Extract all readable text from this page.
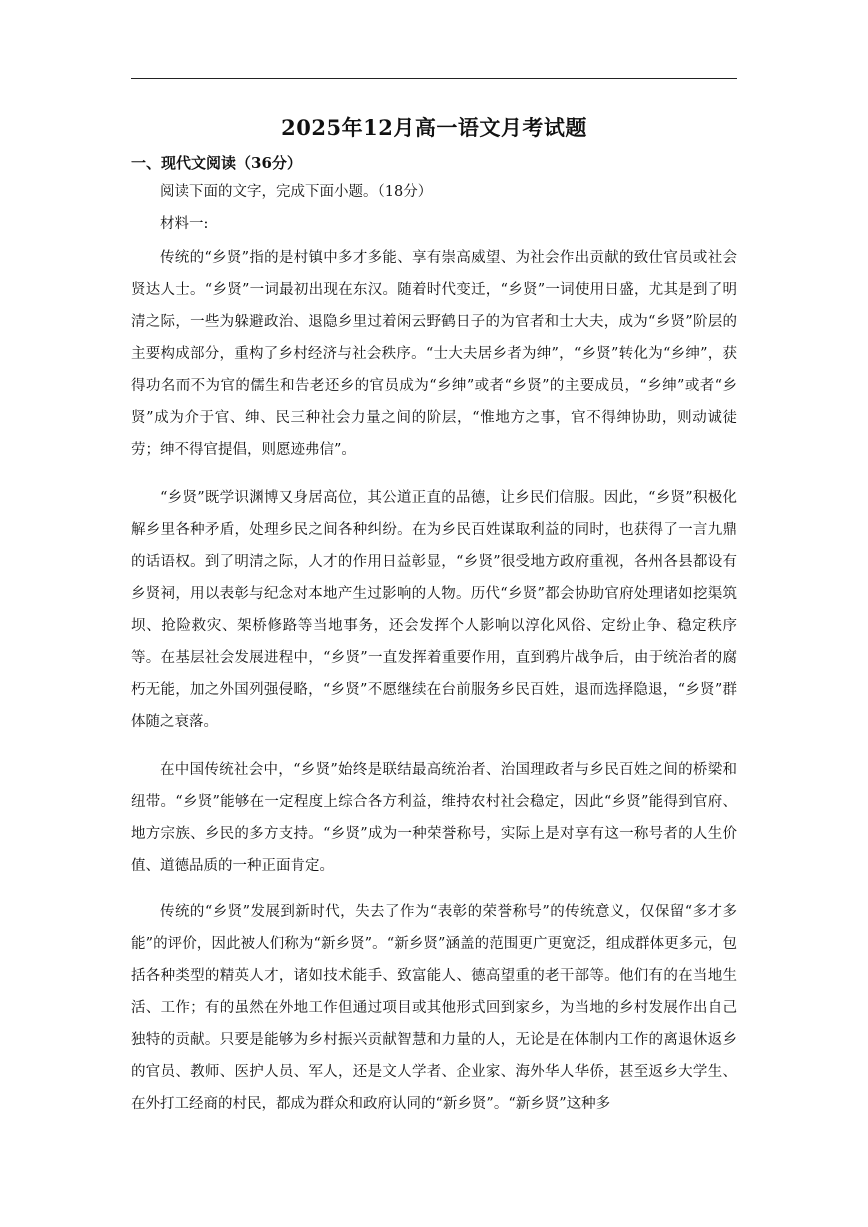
2025年12月高一语文月考试题
一、现代文阅读（36分）

阅读下面的文字，完成下面小题。（18分）

材料一:

传统的“乡贤”指的是村镇中多才多能、享有崇高威望、为社会作出贡献的致仕官员或社会贤达人士。“乡贤”一词最初出现在东汉。随着时代变迁，“乡贤”一词使用日盛，尤其是到了明清之际，一些为躲避政治、退隐乡里过着闲云野鹤日子的为官者和士大夫，成为“乡贤”阶层的主要构成部分，重构了乡村经济与社会秩序。“士大夫居乡者为绅”，“乡贤”转化为“乡绅”，获得功名而不为官的儒生和告老还乡的官员成为“乡绅”或者“乡贤”的主要成员，“乡绅”或者“乡贤”成为介于官、绅、民三种社会力量之间的阶层，“惟地方之事，官不得绅协助，则动诚徒劳；绅不得官提倡，则愿迹弗信”。

“乡贤”既学识渊博又身居高位，其公道正直的品德，让乡民们信服。因此，“乡贤”积极化解乡里各种矛盾，处理乡民之间各种纠纷。在为乡民百姓谋取利益的同时，也获得了一言九鼎的话语权。到了明清之际，人才的作用日益彰显，“乡贤”很受地方政府重视，各州各县都设有乡贤祠，用以表彰与纪念对本地产生过影响的人物。历代“乡贤”都会协助官府处理诸如挖渠筑坝、抢险救灾、架桥修路等当地事务，还会发挥个人影响以淳化风俗、定纷止争、稳定秩序等。在基层社会发展进程中，“乡贤”一直发挥着重要作用，直到鸦片战争后，由于统治者的腐朽无能，加之外国列强侵略，“乡贤”不愿继续在台前服务乡民百姓，退而选择隐退，“乡贤”群体随之衰落。

在中国传统社会中，“乡贤”始终是联结最高统治者、治国理政者与乡民百姓之间的桥梁和纽带。“乡贤”能够在一定程度上综合各方利益，维持农村社会稳定，因此“乡贤”能得到官府、地方宗族、乡民的多方支持。“乡贤”成为一种荣誉称号，实际上是对享有这一称号者的人生价值、道德品质的一种正面肯定。

传统的“乡贤”发展到新时代，失去了作为“表彰的荣誉称号”的传统意义，仅保留“多才多能”的评价，因此被人们称为“新乡贤”。“新乡贤”涵盖的范围更广更宽泛，组成群体更多元，包括各种类型的精英人才，诸如技术能手、致富能人、德高望重的老干部等。他们有的在当地生活、工作；有的虽然在外地工作但通过项目或其他形式回到家乡，为当地的乡村发展作出自己独特的贡献。只要是能够为乡村振兴贡献智慧和力量的人，无论是在体制内工作的离退休返乡的官员、教师、医护人员、军人，还是文人学者、企业家、海外华人华侨，甚至返乡大学生、在外打工经商的村民，都成为群众和政府认同的“新乡贤”。“新乡贤”这种多
